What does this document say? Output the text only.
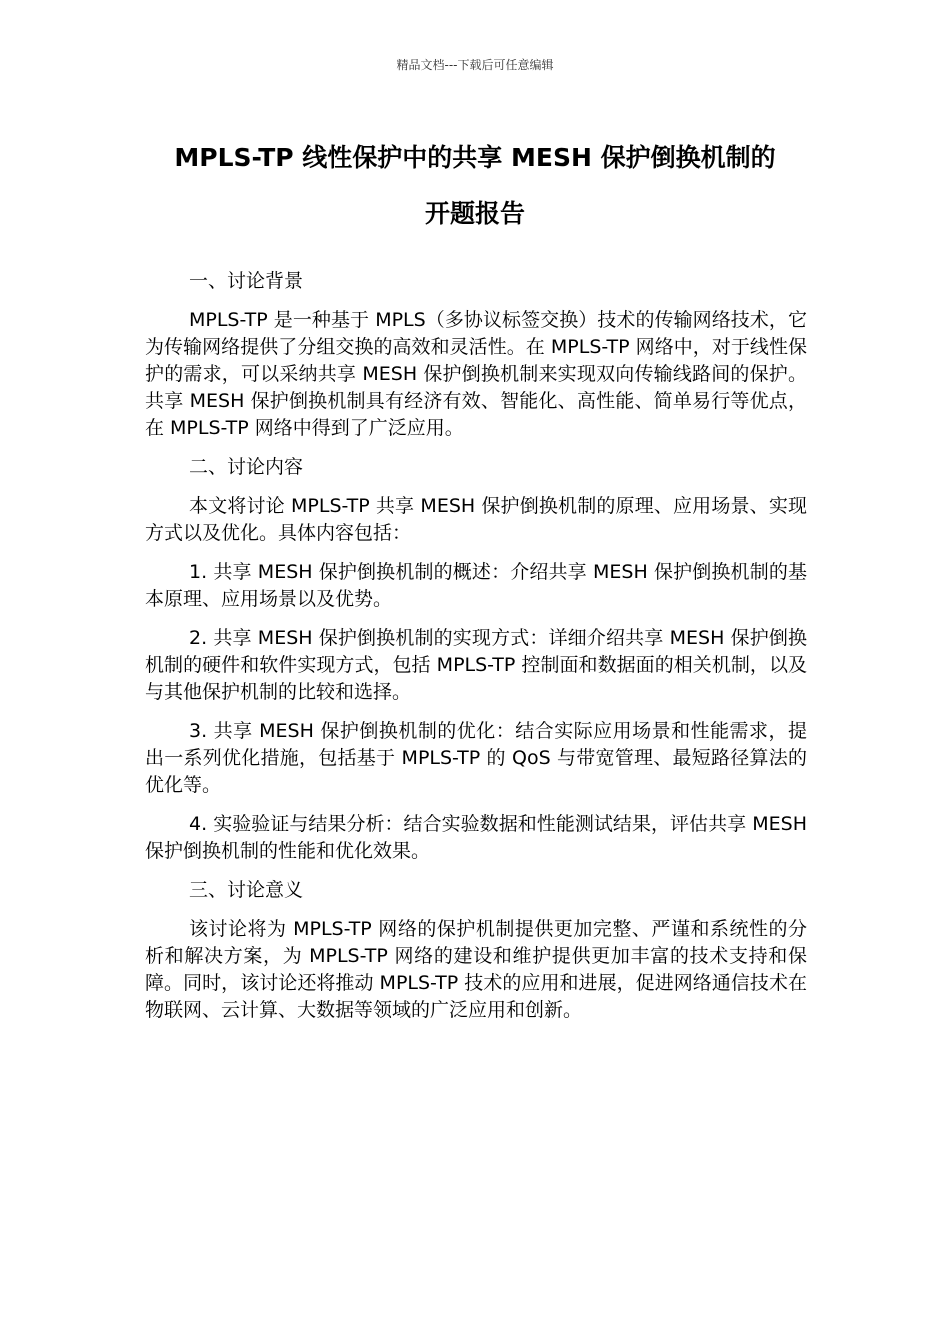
精品文档---下载后可任意编辑
MPLS-TP 线性保护中的共享 MESH 保护倒换机制的
开题报告

一、讨论背景

MPLS-TP 是一种基于 MPLS（多协议标签交换）技术的传输网络技术，它为传输网络提供了分组交换的高效和灵活性。在 MPLS-TP 网络中，对于线性保护的需求，可以采纳共享 MESH 保护倒换机制来实现双向传输线路间的保护。共享 MESH 保护倒换机制具有经济有效、智能化、高性能、简单易行等优点，在 MPLS-TP 网络中得到了广泛应用。

二、讨论内容

本文将讨论 MPLS-TP 共享 MESH 保护倒换机制的原理、应用场景、实现方式以及优化。具体内容包括：

1. 共享 MESH 保护倒换机制的概述：介绍共享 MESH 保护倒换机制的基本原理、应用场景以及优势。

2. 共享 MESH 保护倒换机制的实现方式：详细介绍共享 MESH 保护倒换机制的硬件和软件实现方式，包括 MPLS-TP 控制面和数据面的相关机制，以及与其他保护机制的比较和选择。

3. 共享 MESH 保护倒换机制的优化：结合实际应用场景和性能需求，提出一系列优化措施，包括基于 MPLS-TP 的 QoS 与带宽管理、最短路径算法的优化等。

4. 实验验证与结果分析：结合实验数据和性能测试结果，评估共享 MESH 保护倒换机制的性能和优化效果。

三、讨论意义

该讨论将为 MPLS-TP 网络的保护机制提供更加完整、严谨和系统性的分析和解决方案，为 MPLS-TP 网络的建设和维护提供更加丰富的技术支持和保障。同时，该讨论还将推动 MPLS-TP 技术的应用和进展，促进网络通信技术在物联网、云计算、大数据等领域的广泛应用和创新。
